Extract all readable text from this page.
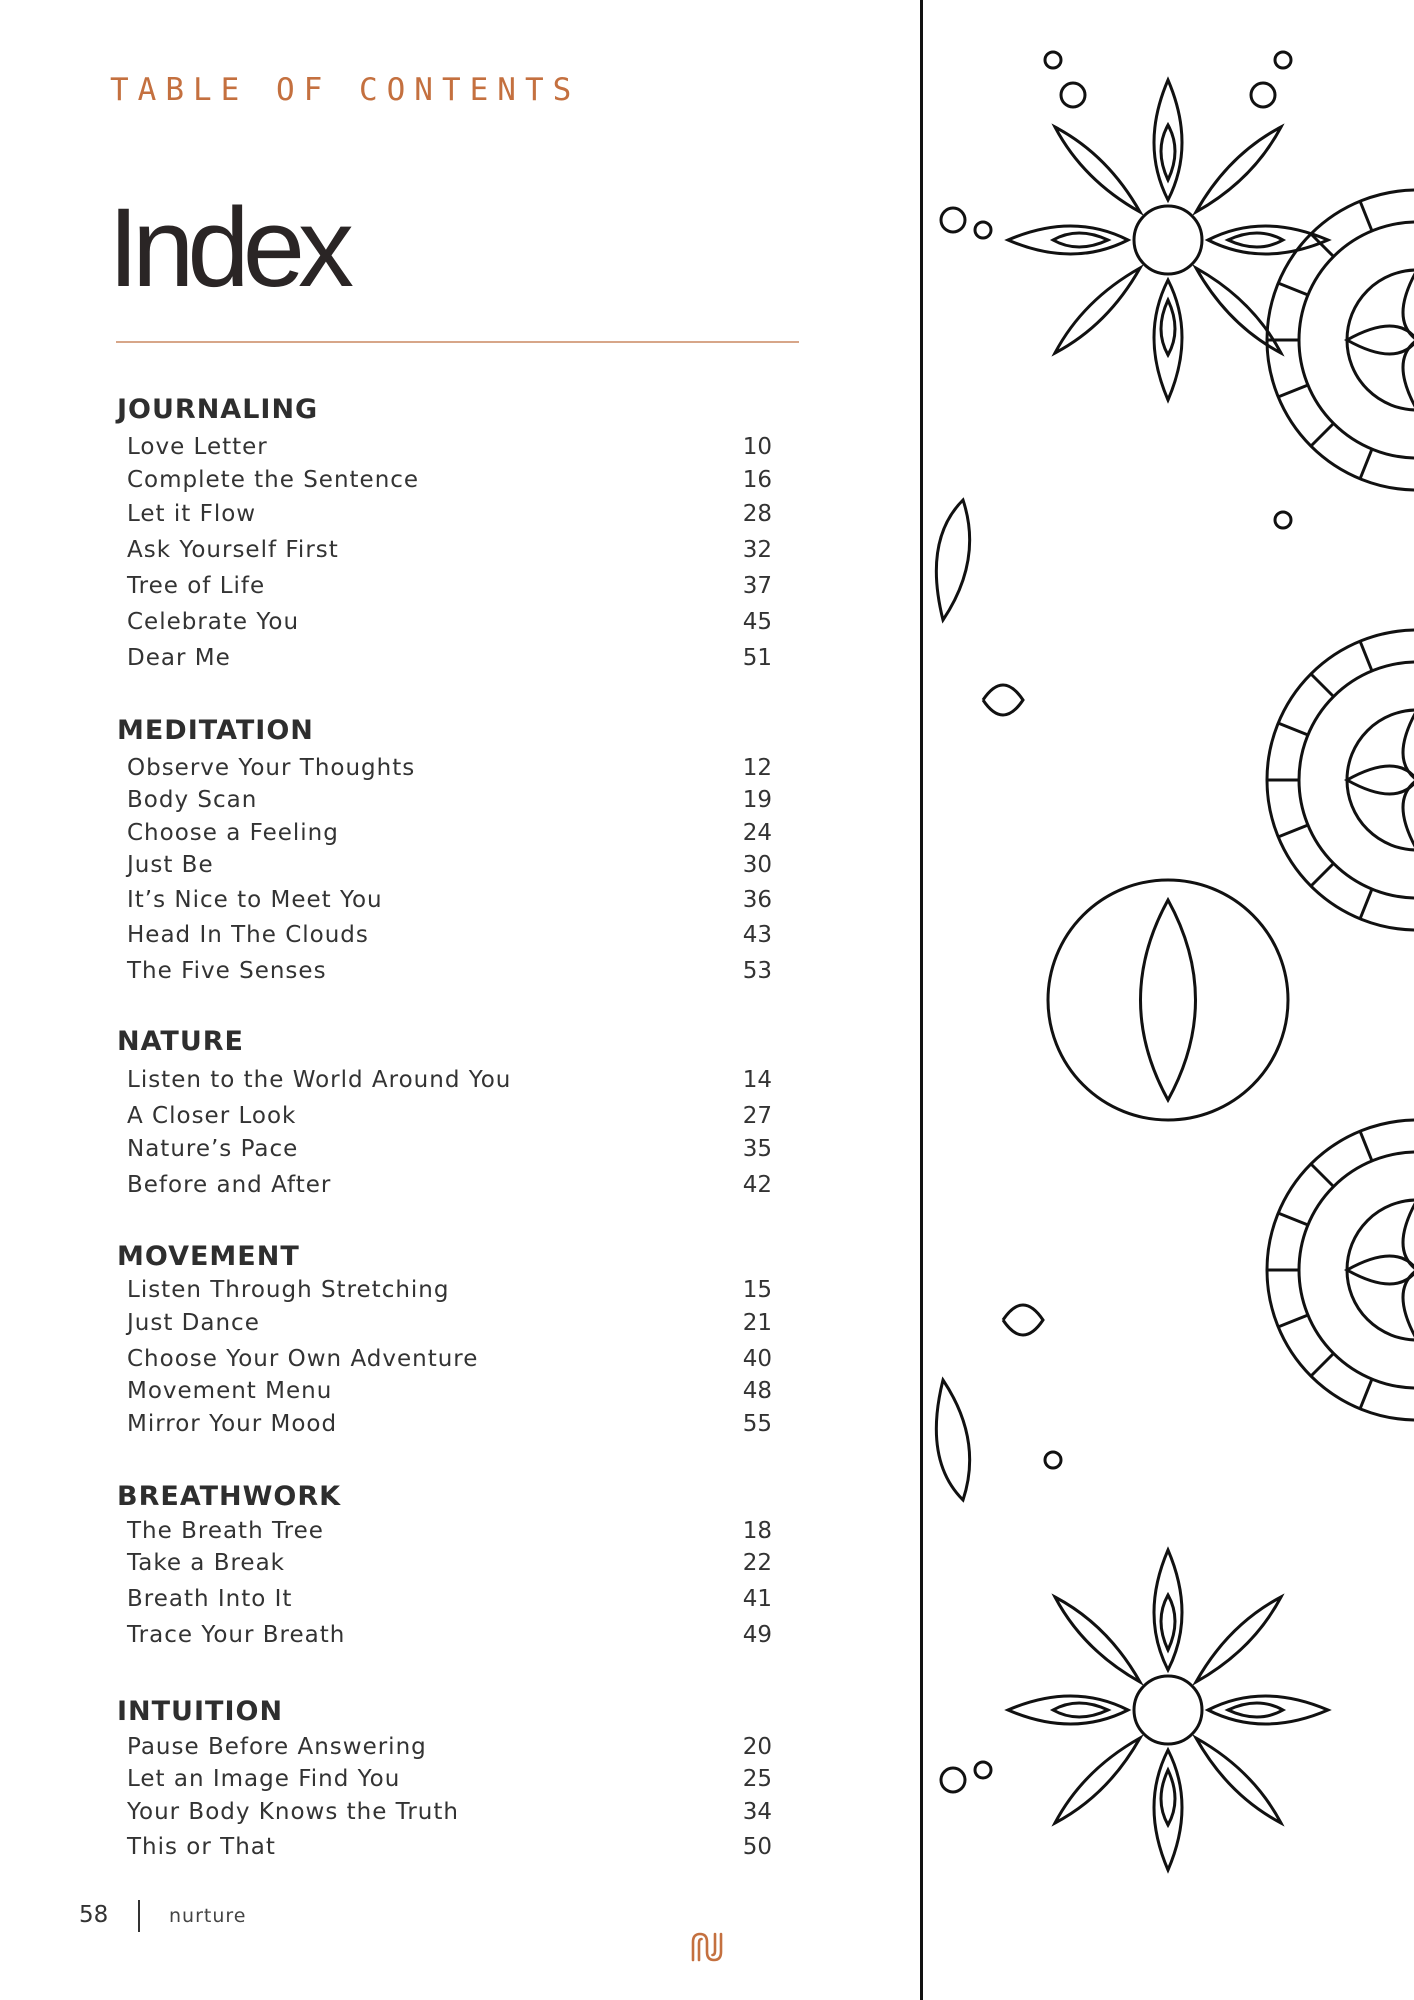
TABLE OF CONTENTS
Index
JOURNALING
Love Letter	10
Complete the Sentence	16
Let it Flow	28
Ask Yourself First	32
Tree of Life	37
Celebrate You	45
Dear Me	51
MEDITATION
Observe Your Thoughts	12
Body Scan	19
Choose a Feeling	24
Just Be	30
It’s Nice to Meet You	36
Head In The Clouds	43
The Five Senses	53
NATURE
Listen to the World Around You	14
A Closer Look	27
Nature’s Pace	35
Before and After	42
MOVEMENT
Listen Through Stretching	15
Just Dance	21
Choose Your Own Adventure	40
Movement Menu	48
Mirror Your Mood	55
BREATHWORK
The Breath Tree	18
Take a Break	22
Breath Into It	41
Trace Your Breath	49
INTUITION
Pause Before Answering	20
Let an Image Find You	25
Your Body Knows the Truth	34
This or That	50
58	nurture
